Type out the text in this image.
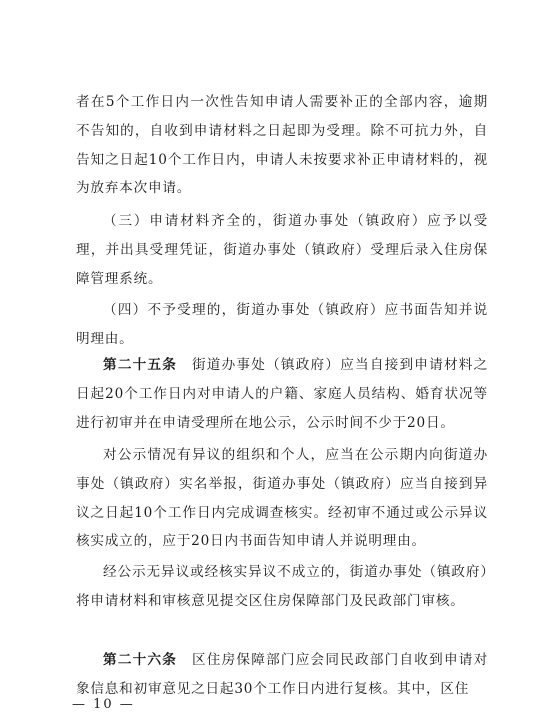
者在5个工作日内一次性告知申请人需要补正的全部内容，逾期不告知的，自收到申请材料之日起即为受理。除不可抗力外，自告知之日起10个工作日内，申请人未按要求补正申请材料的，视为放弃本次申请。

（三）申请材料齐全的，街道办事处（镇政府）应予以受理，并出具受理凭证，街道办事处（镇政府）受理后录入住房保障管理系统。

（四）不予受理的，街道办事处（镇政府）应书面告知并说明理由。

第二十五条　 街道办事处（镇政府）应当自接到申请材料之日起20个工作日内对申请人的户籍、家庭人员结构、婚育状况等进行初审并在申请受理所在地公示，公示时间不少于20日。

对公示情况有异议的组织和个人，应当在公示期内向街道办事处（镇政府）实名举报，街道办事处（镇政府）应当自接到异议之日起10个工作日内完成调查核实。经初审不通过或公示异议核实成立的，应于20日内书面告知申请人并说明理由。

经公示无异议或经核实异议不成立的，街道办事处（镇政府）将申请材料和审核意见提交区住房保障部门及民政部门审核。

第二十六条　 区住房保障部门应会同民政部门自收到申请对象信息和初审意见之日起30个工作日内进行复核。其中，区住

— 10 —
